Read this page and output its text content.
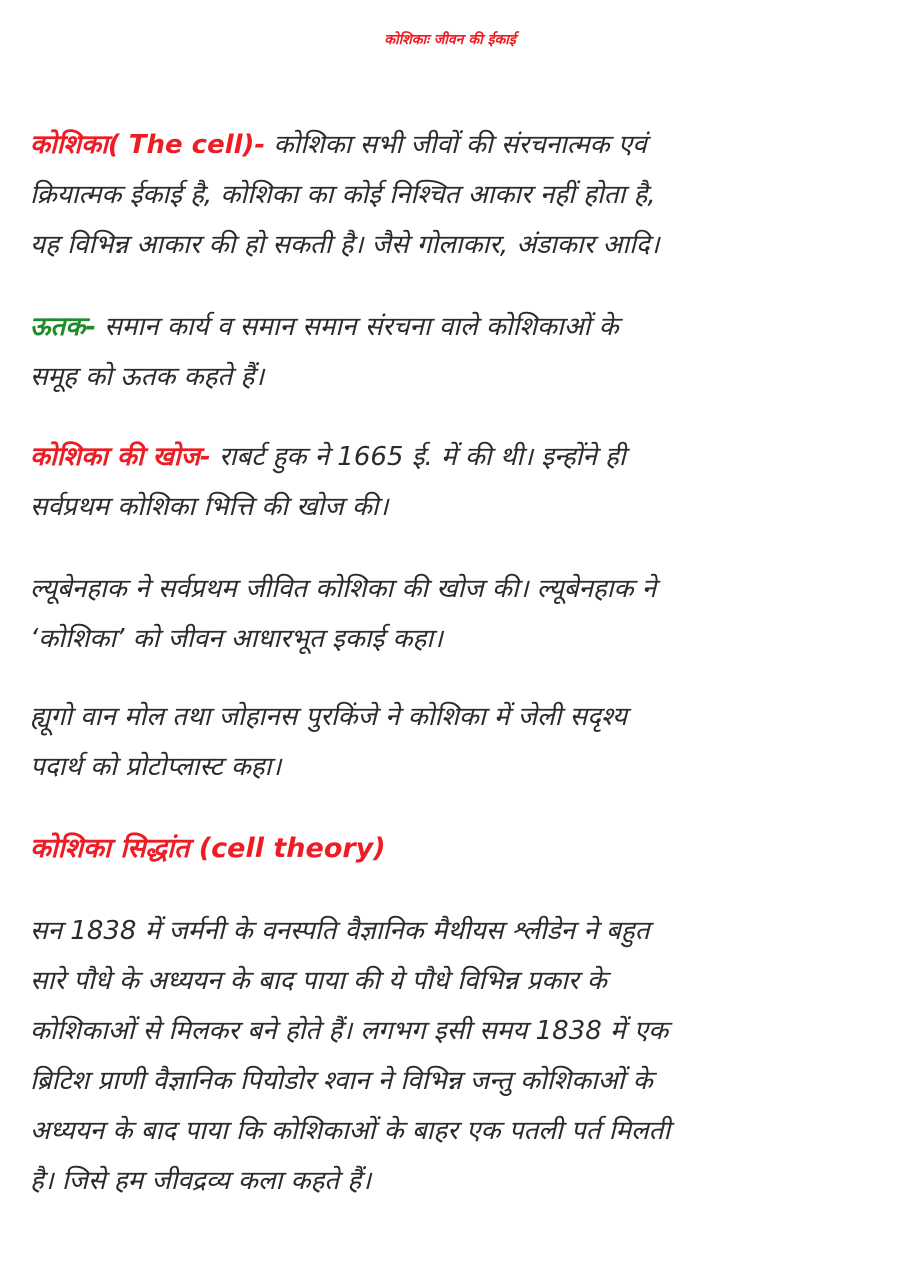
कोशिकाः जीवन की ईकाई

कोशिका( The cell)- कोशिका सभी जीवों की संरचनात्मक एवं
क्रियात्मक ईकाई है, कोशिका का कोई निश्चित आकार नहीं होता है,
यह विभिन्न आकार की हो सकती है। जैसे गोलाकार, अंडाकार आदि।

ऊतक- समान कार्य व समान समान संरचना वाले कोशिकाओं के
समूह को ऊतक कहते हैं।

कोशिका की खोज- राबर्ट हुक ने 1665 ई. में की थी। इन्होंने ही
सर्वप्रथम कोशिका भित्ति की खोज की।

ल्यूबेनहाक ने सर्वप्रथम जीवित कोशिका की खोज की। ल्यूबेनहाक ने
‘कोशिका’ को जीवन आधारभूत इकाई कहा।

ह्यूगो वान मोल तथा जोहानस पुरकिंजे ने कोशिका में जेली सदृश्य
पदार्थ को प्रोटोप्लास्ट कहा।

कोशिका सिद्धांत (cell theory)

सन 1838 में जर्मनी के वनस्पति वैज्ञानिक मैथीयस श्लीडेन ने बहुत
सारे पौधे के अध्ययन के बाद पाया की ये पौधे विभिन्न प्रकार के
कोशिकाओं से मिलकर बने होते हैं। लगभग इसी समय 1838 में एक
ब्रिटिश प्राणी वैज्ञानिक पियोडोर श्वान ने विभिन्न जन्तु कोशिकाओं के
अध्ययन के बाद पाया कि कोशिकाओं के बाहर एक पतली पर्त मिलती
है। जिसे हम जीवद्रव्य कला कहते हैं।
